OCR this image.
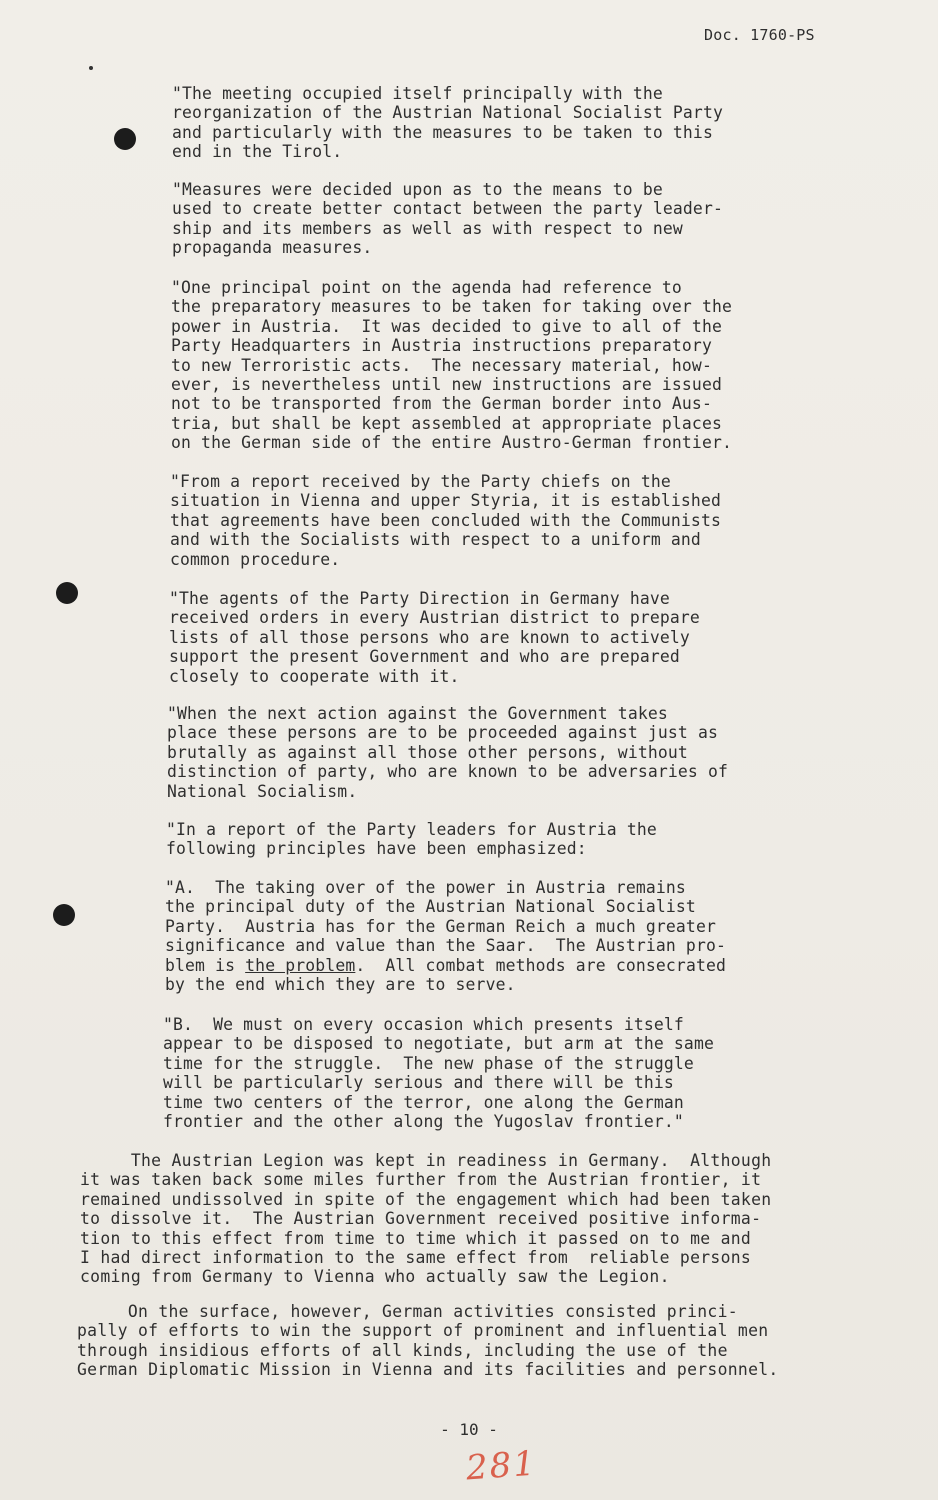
Doc. 1760-PS

"The meeting occupied itself principally with the
reorganization of the Austrian National Socialist Party
and particularly with the measures to be taken to this
end in the Tirol.

"Measures were decided upon as to the means to be
used to create better contact between the party leader-
ship and its members as well as with respect to new
propaganda measures.

"One principal point on the agenda had reference to
the preparatory measures to be taken for taking over the
power in Austria.  It was decided to give to all of the
Party Headquarters in Austria instructions preparatory
to new Terroristic acts.  The necessary material, how-
ever, is nevertheless until new instructions are issued
not to be transported from the German border into Aus-
tria, but shall be kept assembled at appropriate places
on the German side of the entire Austro-German frontier.

"From a report received by the Party chiefs on the
situation in Vienna and upper Styria, it is established
that agreements have been concluded with the Communists
and with the Socialists with respect to a uniform and
common procedure.

"The agents of the Party Direction in Germany have
received orders in every Austrian district to prepare
lists of all those persons who are known to actively
support the present Government and who are prepared
closely to cooperate with it.

"When the next action against the Government takes
place these persons are to be proceeded against just as
brutally as against all those other persons, without
distinction of party, who are known to be adversaries of
National Socialism.

"In a report of the Party leaders for Austria the
following principles have been emphasized:

"A.  The taking over of the power in Austria remains
the principal duty of the Austrian National Socialist
Party.  Austria has for the German Reich a much greater
significance and value than the Saar.  The Austrian pro-
blem is the problem.  All combat methods are consecrated
by the end which they are to serve.

"B.  We must on every occasion which presents itself
appear to be disposed to negotiate, but arm at the same
time for the struggle.  The new phase of the struggle
will be particularly serious and there will be this
time two centers of the terror, one along the German
frontier and the other along the Yugoslav frontier."

The Austrian Legion was kept in readiness in Germany.  Although
it was taken back some miles further from the Austrian frontier, it
remained undissolved in spite of the engagement which had been taken
to dissolve it.  The Austrian Government received positive informa-
tion to this effect from time to time which it passed on to me and
I had direct information to the same effect from  reliable persons
coming from Germany to Vienna who actually saw the Legion.

On the surface, however, German activities consisted princi-
pally of efforts to win the support of prominent and influential men
through insidious efforts of all kinds, including the use of the
German Diplomatic Mission in Vienna and its facilities and personnel.

- 10 -
281
